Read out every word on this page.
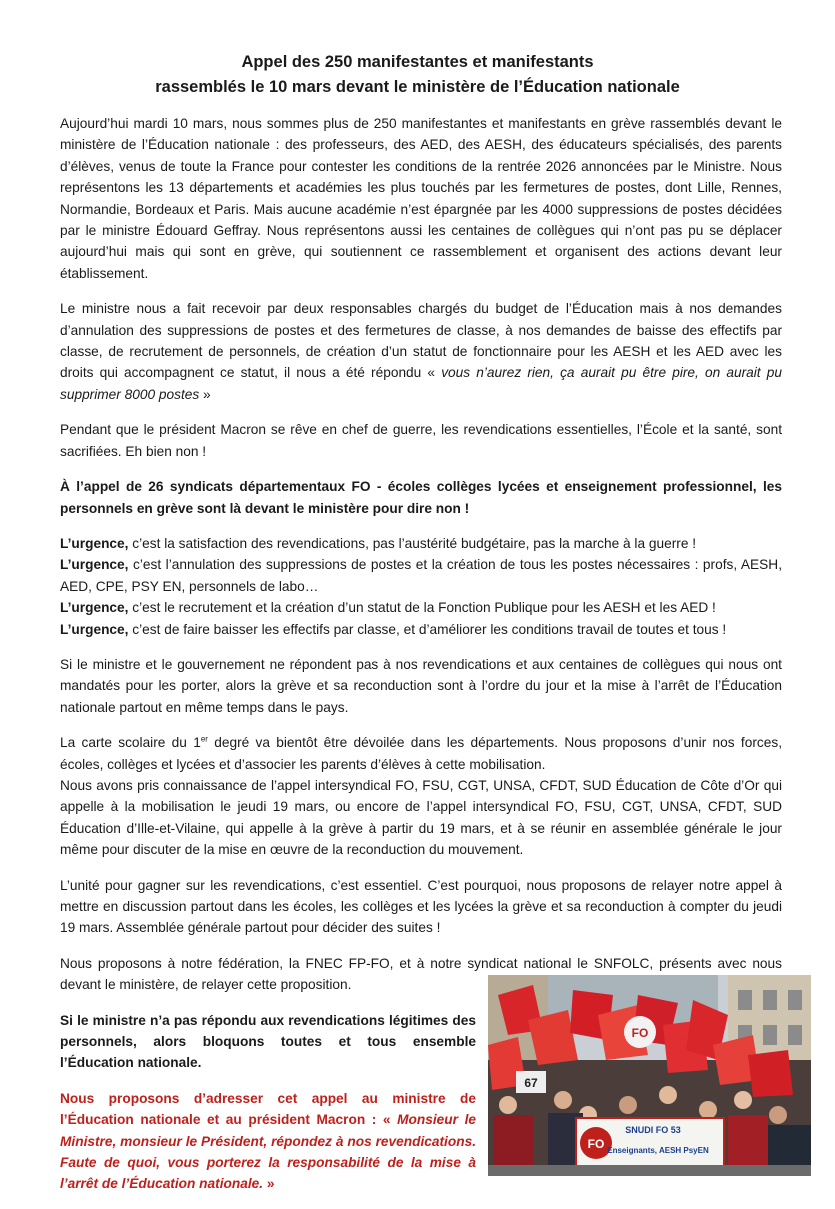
Appel des 250 manifestantes et manifestants
rassemblés le 10 mars devant le ministère de l’Éducation nationale

Aujourd’hui mardi 10 mars, nous sommes plus de 250 manifestantes et manifestants en grève rassemblés devant le ministère de l’Éducation nationale : des professeurs, des AED, des AESH, des éducateurs spécialisés, des parents d’élèves, venus de toute la France pour contester les conditions de la rentrée 2026 annoncées par le Ministre. Nous représentons les 13 départements et académies les plus touchés par les fermetures de postes, dont Lille, Rennes, Normandie, Bordeaux et Paris. Mais aucune académie n’est épargnée par les 4000 suppressions de postes décidées par le ministre Édouard Geffray. Nous représentons aussi les centaines de collègues qui n’ont pas pu se déplacer aujourd’hui mais qui sont en grève, qui soutiennent ce rassemblement et organisent des actions devant leur établissement.

Le ministre nous a fait recevoir par deux responsables chargés du budget de l’Éducation mais à nos demandes d’annulation des suppressions de postes et des fermetures de classe, à nos demandes de baisse des effectifs par classe, de recrutement de personnels, de création d’un statut de fonctionnaire pour les AESH et les AED avec les droits qui accompagnent ce statut, il nous a été répondu « vous n’aurez rien, ça aurait pu être pire, on aurait pu supprimer 8000 postes »

Pendant que le président Macron se rêve en chef de guerre, les revendications essentielles, l’École et la santé, sont sacrifiées. Eh bien non !

À l’appel de 26 syndicats départementaux FO - écoles collèges lycées et enseignement professionnel, les personnels en grève sont là devant le ministère pour dire non !

L’urgence, c’est la satisfaction des revendications, pas l’austérité budgétaire, pas la marche à la guerre !
L’urgence, c’est l’annulation des suppressions de postes et la création de tous les postes nécessaires : profs, AESH, AED, CPE, PSY EN, personnels de labo…
L’urgence, c’est le recrutement et la création d’un statut de la Fonction Publique pour les AESH et les AED !
L’urgence, c’est de faire baisser les effectifs par classe, et d’améliorer les conditions travail de toutes et tous !

Si le ministre et le gouvernement ne répondent pas à nos revendications et aux centaines de collègues qui nous ont mandatés pour les porter, alors la grève et sa reconduction sont à l’ordre du jour et la mise à l’arrêt de l’Éducation nationale partout en même temps dans le pays.

La carte scolaire du 1er degré va bientôt être dévoilée dans les départements. Nous proposons d’unir nos forces, écoles, collèges et lycées et d’associer les parents d’élèves à cette mobilisation.
Nous avons pris connaissance de l’appel intersyndical FO, FSU, CGT, UNSA, CFDT, SUD Éducation de Côte d’Or qui appelle à la mobilisation le jeudi 19 mars, ou encore de l’appel intersyndical FO, FSU, CGT, UNSA, CFDT, SUD Éducation d’Ille-et-Vilaine, qui appelle à la grève à partir du 19 mars, et à se réunir en assemblée générale le jour même pour discuter de la mise en œuvre de la reconduction du mouvement.

L’unité pour gagner sur les revendications, c’est essentiel. C’est pourquoi, nous proposons de relayer notre appel à mettre en discussion partout dans les écoles, les collèges et les lycées la grève et sa reconduction à compter du jeudi 19 mars. Assemblée générale partout pour décider des suites !

Nous proposons à notre fédération, la FNEC FP-FO, et à notre syndicat national le SNFOLC, présents avec nous devant le ministère, de relayer cette proposition.

Si le ministre n’a pas répondu aux revendications légitimes des personnels, alors bloquons toutes et tous ensemble l’Éducation nationale.

Nous proposons d’adresser cet appel au ministre de l’Éducation nationale et au président Macron : « Monsieur le Ministre, monsieur le Président, répondez à nos revendications. Faute de quoi, vous porterez la responsabilité de la mise à l’arrêt de l’Éducation nationale. »

FO
67
FO
SNUDI FO 53
Enseignants, AESH PsyEN
